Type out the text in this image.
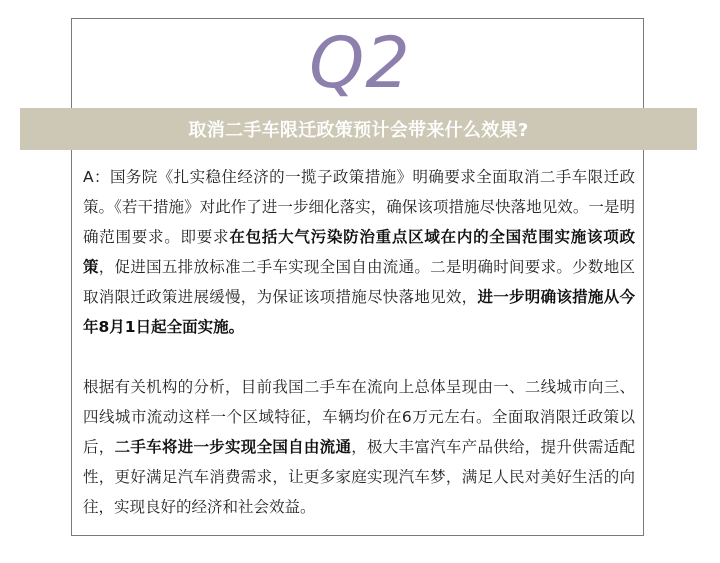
Q2
取消二手车限迁政策预计会带来什么效果?

A：国务院《扎实稳住经济的一揽子政策措施》明确要求全面取消二手车限迁政策。《若干措施》对此作了进一步细化落实，确保该项措施尽快落地见效。一是明确范围要求。即要求在包括大气污染防治重点区域在内的全国范围实施该项政策，促进国五排放标准二手车实现全国自由流通。二是明确时间要求。少数地区取消限迁政策进展缓慢，为保证该项措施尽快落地见效，进一步明确该措施从今年8月1日起全面实施。

根据有关机构的分析，目前我国二手车在流向上总体呈现由一、二线城市向三、四线城市流动这样一个区域特征，车辆均价在6万元左右。全面取消限迁政策以后，二手车将进一步实现全国自由流通，极大丰富汽车产品供给，提升供需适配性，更好满足汽车消费需求，让更多家庭实现汽车梦，满足人民对美好生活的向往，实现良好的经济和社会效益。
